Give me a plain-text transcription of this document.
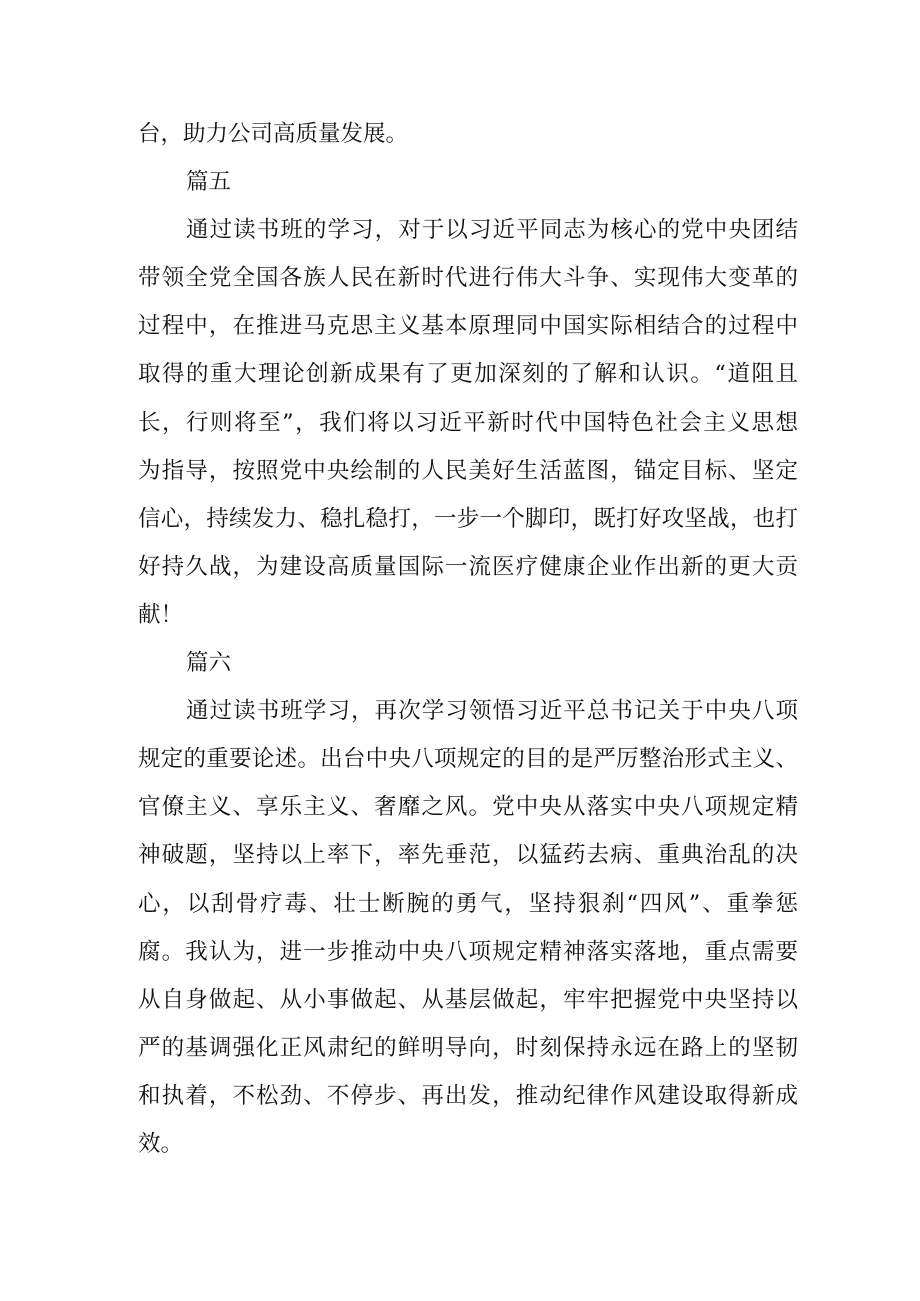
台，助力公司高质量发展。

篇五

通过读书班的学习，对于以习近平同志为核心的党中央团结

带领全党全国各族人民在新时代进行伟大斗争、实现伟大变革的

过程中，在推进马克思主义基本原理同中国实际相结合的过程中

取得的重大理论创新成果有了更加深刻的了解和认识。“道阻且

长，行则将至”，我们将以习近平新时代中国特色社会主义思想

为指导，按照党中央绘制的人民美好生活蓝图，锚定目标、坚定

信心，持续发力、稳扎稳打，一步一个脚印，既打好攻坚战，也打

好持久战，为建设高质量国际一流医疗健康企业作出新的更大贡

献！

篇六

通过读书班学习，再次学习领悟习近平总书记关于中央八项

规定的重要论述。出台中央八项规定的目的是严厉整治形式主义、

官僚主义、享乐主义、奢靡之风。党中央从落实中央八项规定精

神破题，坚持以上率下，率先垂范，以猛药去病、重典治乱的决

心，以刮骨疗毒、壮士断腕的勇气，坚持狠刹“四风”、重拳惩

腐。我认为，进一步推动中央八项规定精神落实落地，重点需要

从自身做起、从小事做起、从基层做起，牢牢把握党中央坚持以

严的基调强化正风肃纪的鲜明导向，时刻保持永远在路上的坚韧

和执着，不松劲、不停步、再出发，推动纪律作风建设取得新成

效。
